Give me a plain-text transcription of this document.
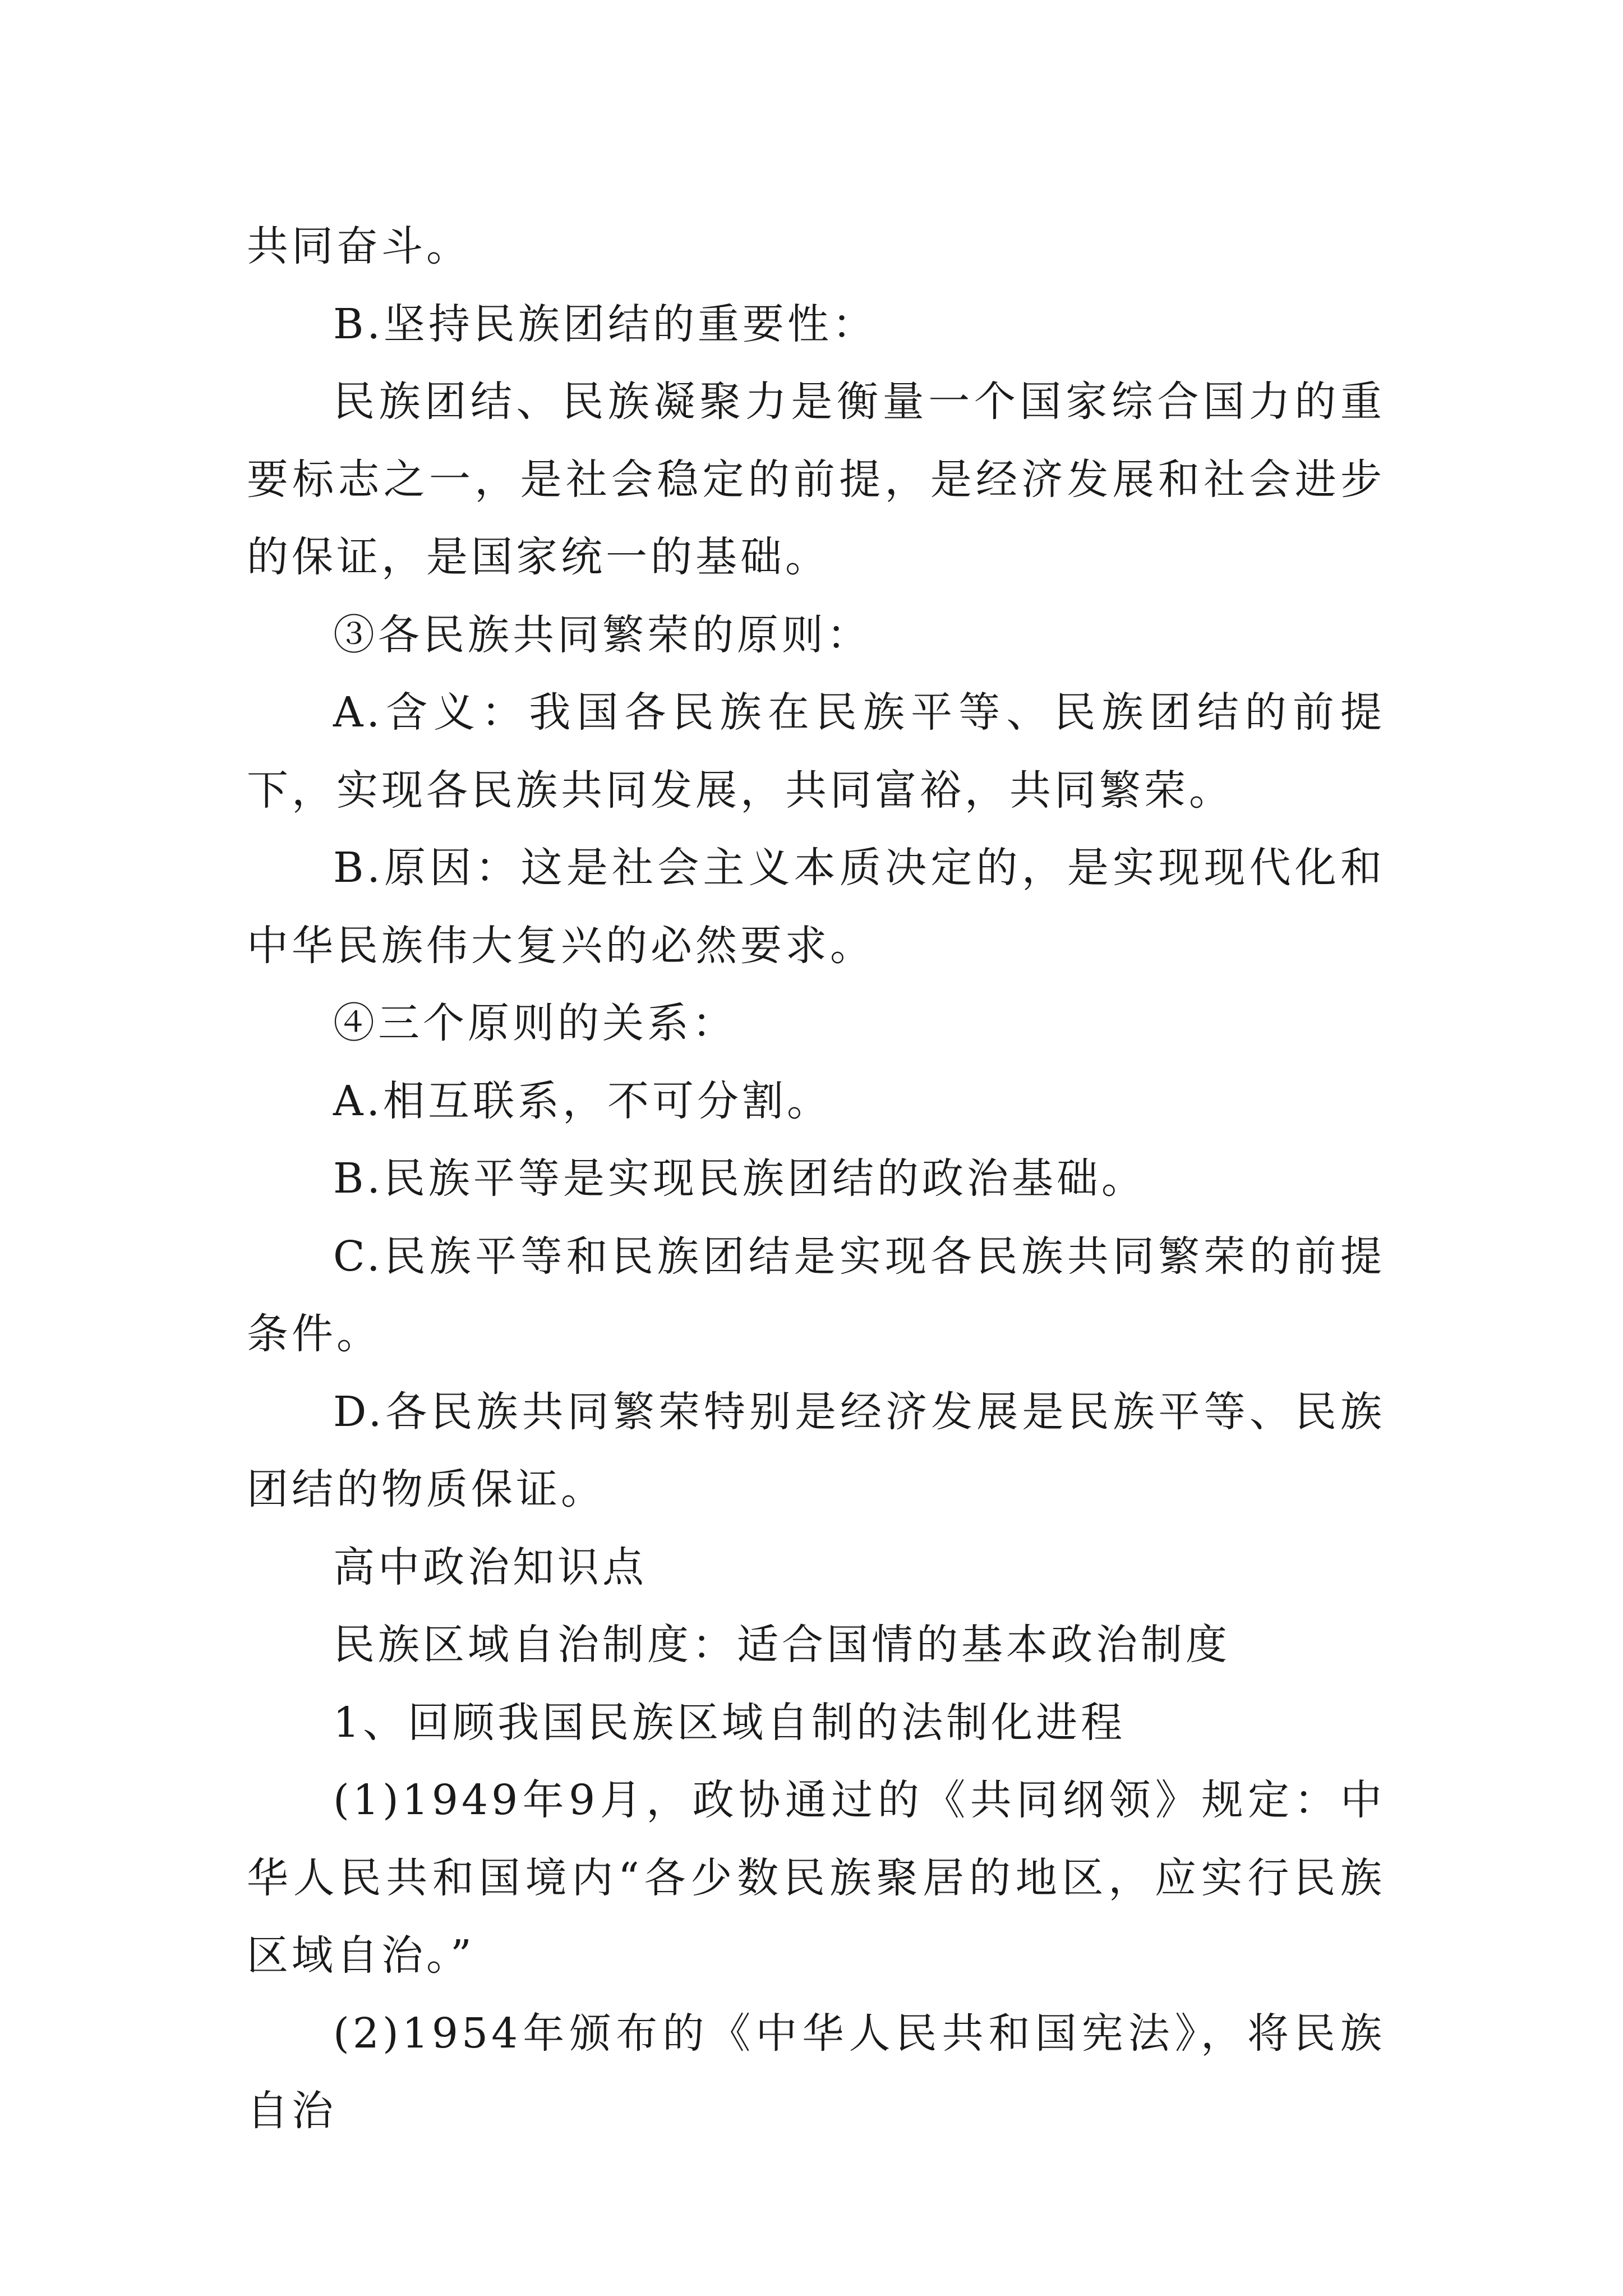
共同奋斗。

B.坚持民族团结的重要性：

民族团结、民族凝聚力是衡量一个国家综合国力的重要标志之一，是社会稳定的前提，是经济发展和社会进步的保证，是国家统一的基础。

③各民族共同繁荣的原则：

A.含义：我国各民族在民族平等、民族团结的前提下，实现各民族共同发展，共同富裕，共同繁荣。

B.原因：这是社会主义本质决定的，是实现现代化和中华民族伟大复兴的必然要求。

④三个原则的关系：

A.相互联系，不可分割。

B.民族平等是实现民族团结的政治基础。

C.民族平等和民族团结是实现各民族共同繁荣的前提条件。

D.各民族共同繁荣特别是经济发展是民族平等、民族团结的物质保证。

高中政治知识点

民族区域自治制度：适合国情的基本政治制度

1、回顾我国民族区域自制的法制化进程

(1)1949年9月，政协通过的《共同纲领》规定：中华人民共和国境内“各少数民族聚居的地区，应实行民族区域自治。”

(2)1954年颁布的《中华人民共和国宪法》，将民族自治
